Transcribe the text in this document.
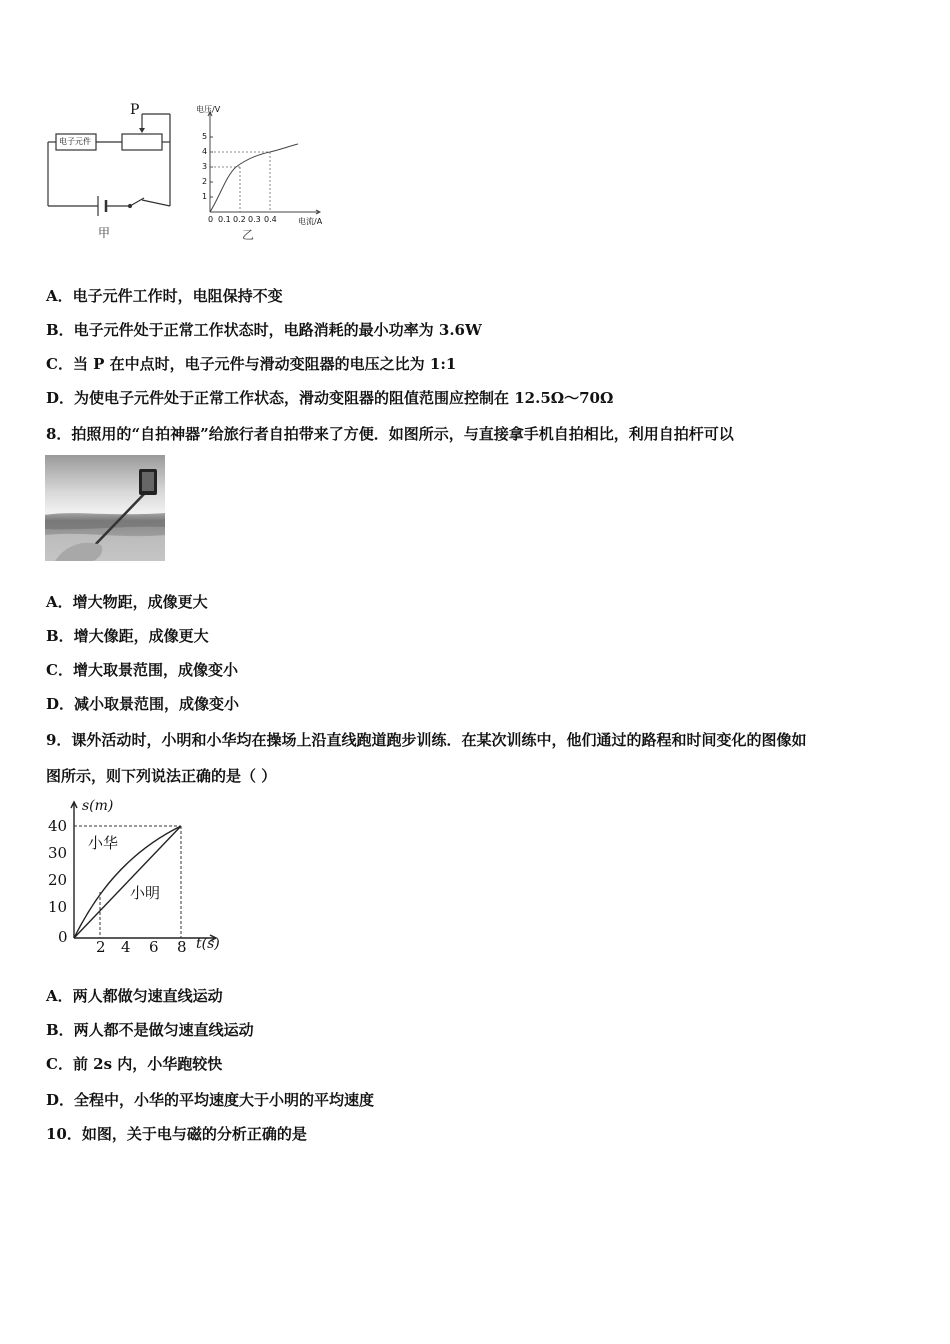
电子元件
P
甲
电压/V
电流/A
5
4
3
2
1
0 0.1 0.2 0.3 0.4
乙
A．电子元件工作时，电阻保持不变
B．电子元件处于正常工作状态时，电路消耗的最小功率为 3.6W
C．当 P 在中点时，电子元件与滑动变阻器的电压之比为 1:1
D．为使电子元件处于正常工作状态，滑动变阻器的阻值范围应控制在 12.5Ω～70Ω
8．拍照用的“自拍神器”给旅行者自拍带来了方便．如图所示，与直接拿手机自拍相比，利用自拍杆可以
A．增大物距，成像更大
B．增大像距，成像更大
C．增大取景范围，成像变小
D．减小取景范围，成像变小
9．课外活动时，小明和小华均在操场上沿直线跑道跑步训练．在某次训练中，他们通过的路程和时间变化的图像如
图所示，则下列说法正确的是（ ）
s(m)
t(s)
0
40
30
20
10
2 4 6 8
小华
小明
A．两人都做匀速直线运动
B．两人都不是做匀速直线运动
C．前 2s 内，小华跑较快
D．全程中，小华的平均速度大于小明的平均速度
10．如图，关于电与磁的分析正确的是
